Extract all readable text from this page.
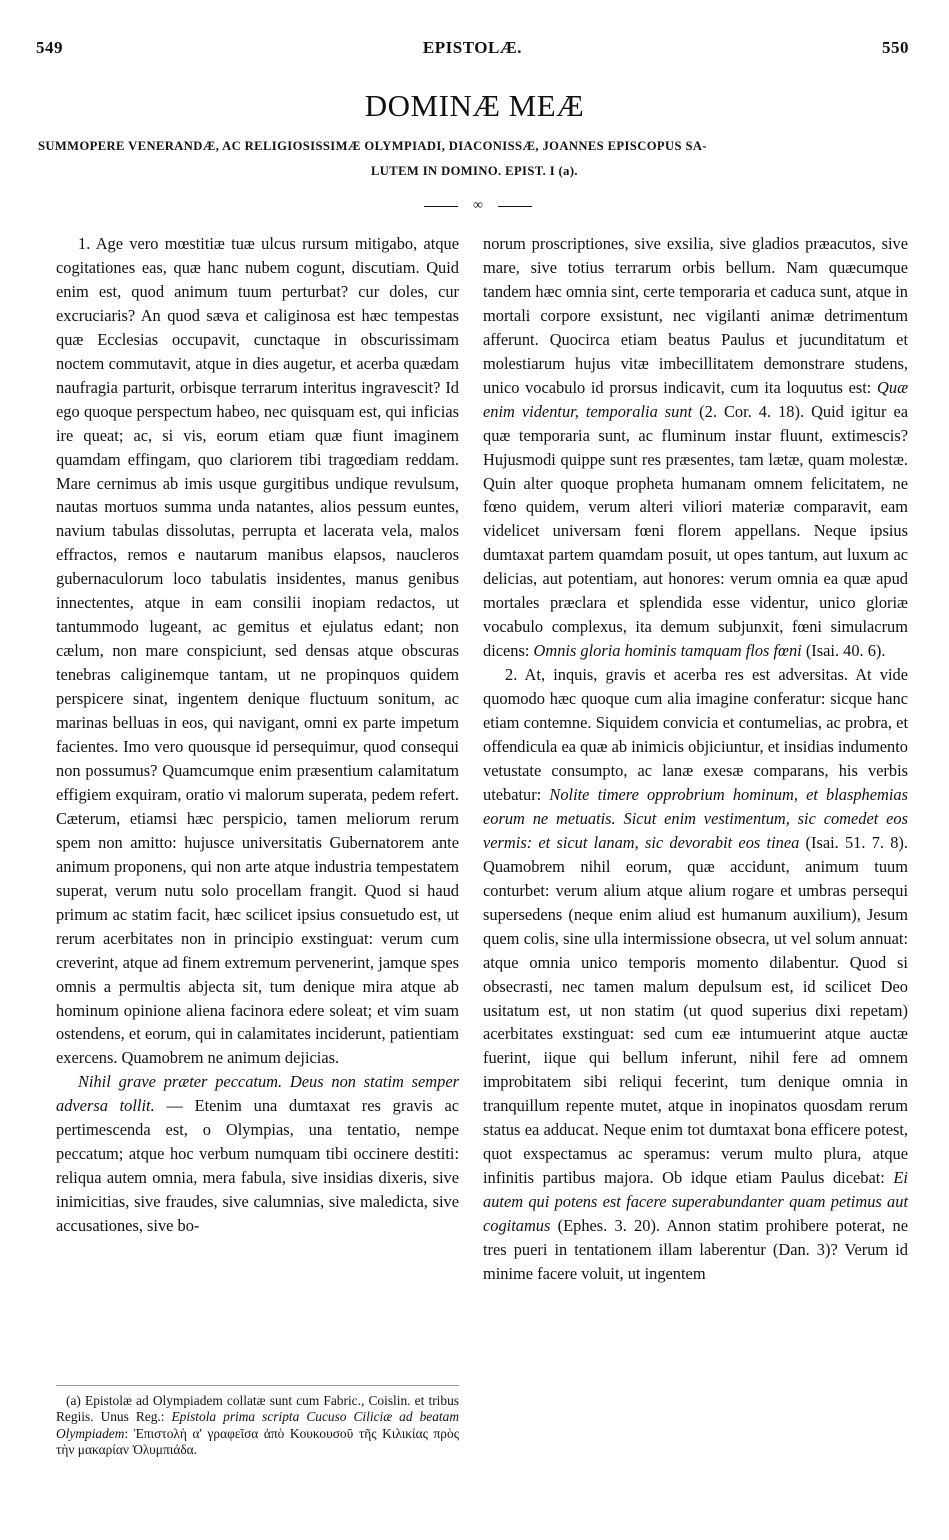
549	EPISTOLÆ.	550
DOMINÆ MEÆ
SUMMOPERE VENERANDÆ, AC RELIGIOSISSIMÆ OLYMPIADI, DIACONISSÆ, JOANNES EPISCOPUS SA-
LUTEM IN DOMINO. EPIST. I (a).
∞

1. Age vero mœstitiæ tuæ ulcus rursum mitigabo, atque cogitationes eas, quæ hanc nubem cogunt, discutiam. Quid enim est, quod animum tuum perturbat? cur doles, cur excruciaris? An quod sæva et caliginosa est hæc tempestas quæ Ecclesias occupavit, cunctaque in obscurissimam noctem commutavit, atque in dies augetur, et acerba quædam naufragia parturit, orbisque terrarum interitus ingravescit? Id ego quoque perspectum habeo, nec quisquam est, qui inficias ire queat; ac, si vis, eorum etiam quæ fiunt imaginem quamdam effingam, quo clariorem tibi tragœdiam reddam. Mare cernimus ab imis usque gurgitibus undique revulsum, nautas mortuos summa unda natantes, alios pessum euntes, navium tabulas dissolutas, perrupta et lacerata vela, malos effractos, remos e nautarum manibus elapsos, naucleros gubernaculorum loco tabulatis insidentes, manus genibus innectentes, atque in eam consilii inopiam redactos, ut tantummodo lugeant, ac gemitus et ejulatus edant; non cælum, non mare conspiciunt, sed densas atque obscuras tenebras caliginemque tantam, ut ne propinquos quidem perspicere sinat, ingentem denique fluctuum sonitum, ac marinas belluas in eos, qui navigant, omni ex parte impetum facientes. Imo vero quousque id persequimur, quod consequi non possumus? Quamcumque enim præsentium calamitatum effigiem exquiram, oratio vi malorum superata, pedem refert. Cæterum, etiamsi hæc perspicio, tamen meliorum rerum spem non amitto: hujusce universitatis Gubernatorem ante animum proponens, qui non arte atque industria tempestatem superat, verum nutu solo procellam frangit. Quod si haud primum ac statim facit, hæc scilicet ipsius consuetudo est, ut rerum acerbitates non in principio exstinguat: verum cum creverint, atque ad finem extremum pervenerint, jamque spes omnis a permultis abjecta sit, tum denique mira atque ab hominum opinione aliena facinora edere soleat; et vim suam ostendens, et eorum, qui in calamitates inciderunt, patientiam exercens. Quamobrem ne animum dejicias.

Nihil grave præter peccatum. Deus non statim semper adversa tollit. — Etenim una dumtaxat res gravis ac pertimescenda est, o Olympias, una tentatio, nempe peccatum; atque hoc verbum numquam tibi occinere destiti: reliqua autem omnia, mera fabula, sive insidias dixeris, sive inimicitias, sive fraudes, sive calumnias, sive maledicta, sive accusationes, sive bo-

norum proscriptiones, sive exsilia, sive gladios præacutos, sive mare, sive totius terrarum orbis bellum. Nam quæcumque tandem hæc omnia sint, certe temporaria et caduca sunt, atque in mortali corpore exsistunt, nec vigilanti animæ detrimentum afferunt. Quocirca etiam beatus Paulus et jucunditatum et molestiarum hujus vitæ imbecillitatem demonstrare studens, unico vocabulo id prorsus indicavit, cum ita loquutus est: Quæ enim videntur, temporalia sunt (2. Cor. 4. 18). Quid igitur ea quæ temporaria sunt, ac fluminum instar fluunt, extimescis? Hujusmodi quippe sunt res præsentes, tam lætæ, quam molestæ. Quin alter quoque propheta humanam omnem felicitatem, ne fœno quidem, verum alteri viliori materiæ comparavit, eam videlicet universam fœni florem appellans. Neque ipsius dumtaxat partem quamdam posuit, ut opes tantum, aut luxum ac delicias, aut potentiam, aut honores: verum omnia ea quæ apud mortales præclara et splendida esse videntur, unico gloriæ vocabulo complexus, ita demum subjunxit, fœni simulacrum dicens: Omnis gloria hominis tamquam flos fœni (Isai. 40. 6).

2. At, inquis, gravis et acerba res est adversitas. At vide quomodo hæc quoque cum alia imagine conferatur: sicque hanc etiam contemne. Siquidem convicia et contumelias, ac probra, et offendicula ea quæ ab inimicis objiciuntur, et insidias indumento vetustate consumpto, ac lanæ exesæ comparans, his verbis utebatur: Nolite timere opprobrium hominum, et blasphemias eorum ne metuatis. Sicut enim vestimentum, sic comedet eos vermis: et sicut lanam, sic devorabit eos tinea (Isai. 51. 7. 8). Quamobrem nihil eorum, quæ accidunt, animum tuum conturbet: verum alium atque alium rogare et umbras persequi supersedens (neque enim aliud est humanum auxilium), Jesum quem colis, sine ulla intermissione obsecra, ut vel solum annuat: atque omnia unico temporis momento dilabentur. Quod si obsecrasti, nec tamen malum depulsum est, id scilicet Deo usitatum est, ut non statim (ut quod superius dixi repetam) acerbitates exstinguat: sed cum eæ intumuerint atque auctæ fuerint, iique qui bellum inferunt, nihil fere ad omnem improbitatem sibi reliqui fecerint, tum denique omnia in tranquillum repente mutet, atque in inopinatos quosdam rerum status ea adducat. Neque enim tot dumtaxat bona efficere potest, quot exspectamus ac speramus: verum multo plura, atque infinitis partibus majora. Ob idque etiam Paulus dicebat: Ei autem qui potens est facere superabundanter quam petimus aut cogitamus (Ephes. 3. 20). Annon statim prohibere poterat, ne tres pueri in tentationem illam laberentur (Dan. 3)? Verum id minime facere voluit, ut ingentem

(a) Epistolæ ad Olympiadem collatæ sunt cum Fabric., Coislin. et tribus Regiis. Unus Reg.: Epistola prima scripta Cucuso Ciliciæ ad beatam Olympiadem: Ἐπιστολὴ α' γραφεῖσα ἀπὸ Κουκουσοῦ τῆς Κιλικίας πρὸς τὴν μακαρίαν Ὀλυμπιάδα.
